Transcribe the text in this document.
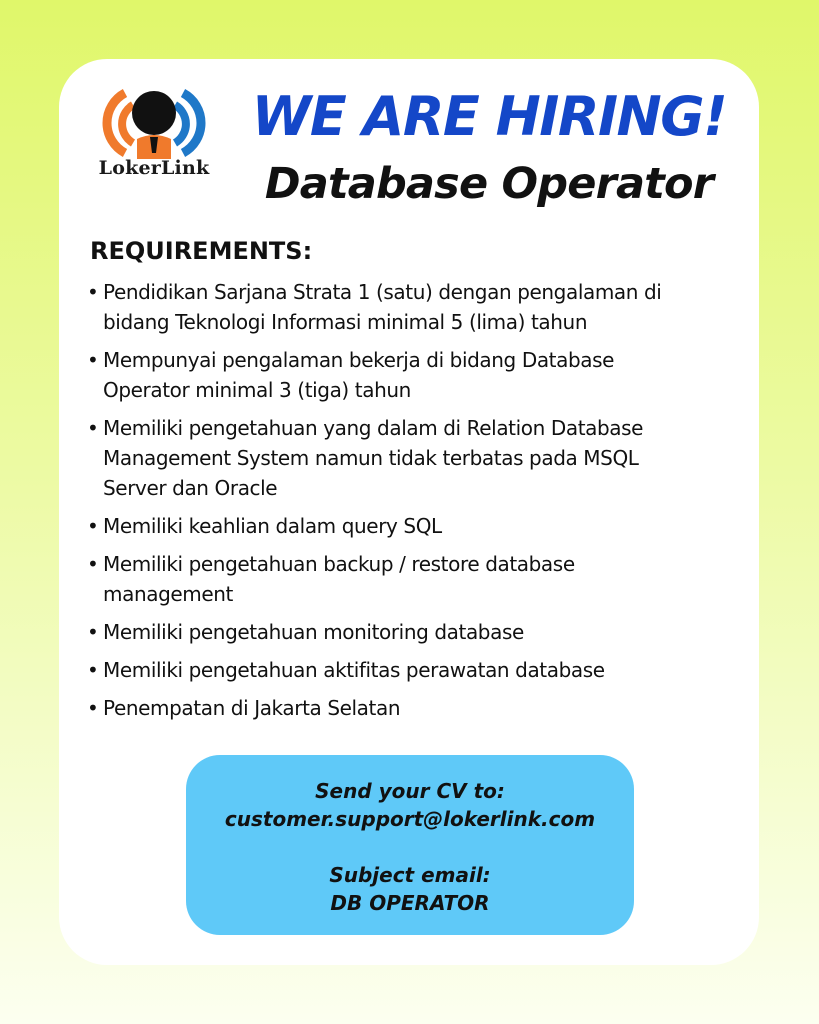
LokerLink
WE ARE HIRING!
Database Operator
REQUIREMENTS:
• Pendidikan Sarjana Strata 1 (satu) dengan pengalaman di
bidang Teknologi Informasi minimal 5 (lima) tahun
• Mempunyai pengalaman bekerja di bidang Database
Operator minimal 3 (tiga) tahun
• Memiliki pengetahuan yang dalam di Relation Database
Management System namun tidak terbatas pada MSQL
Server dan Oracle
• Memiliki keahlian dalam query SQL
• Memiliki pengetahuan backup / restore database
management
• Memiliki pengetahuan monitoring database
• Memiliki pengetahuan aktifitas perawatan database
• Penempatan di Jakarta Selatan
Send your CV to:
customer.support@lokerlink.com
Subject email:
DB OPERATOR
